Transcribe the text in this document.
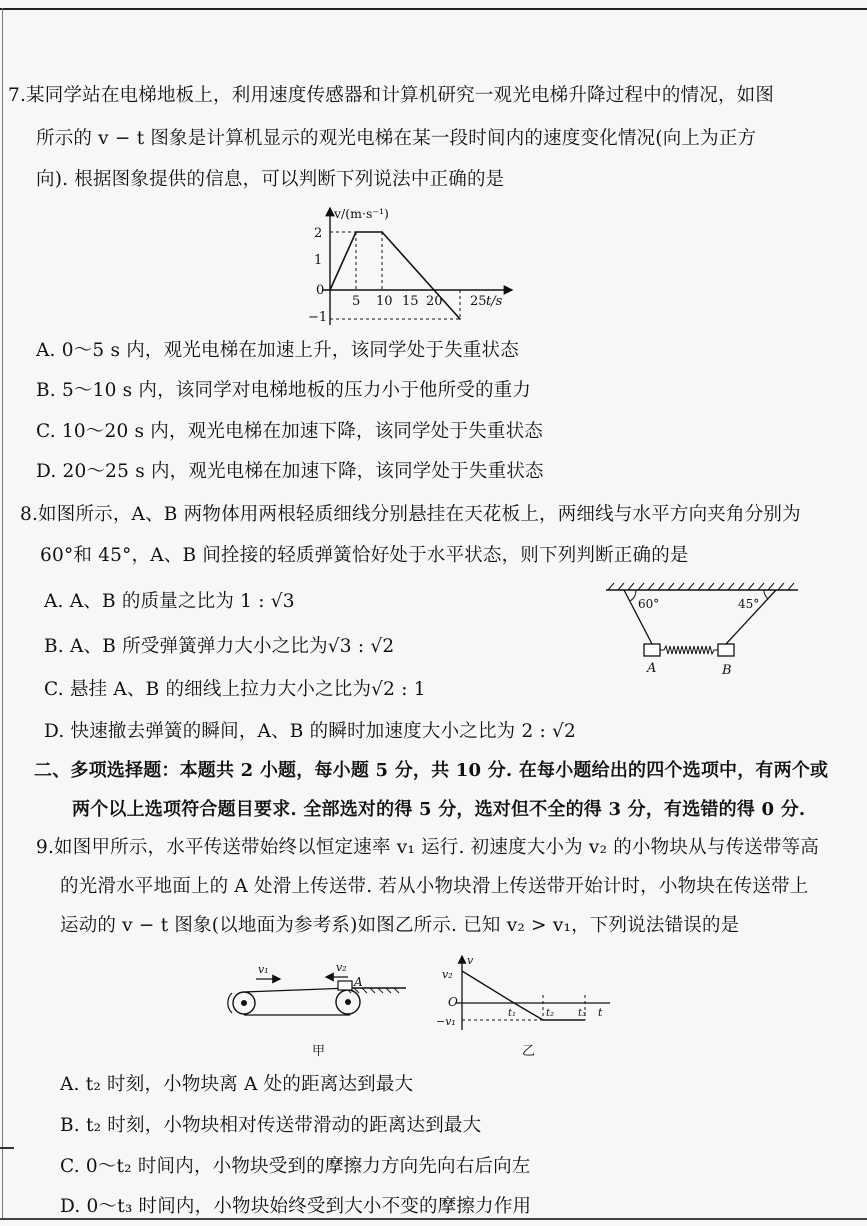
7.某同学站在电梯地板上，利用速度传感器和计算机研究一观光电梯升降过程中的情况，如图
所示的 v − t 图象是计算机显示的观光电梯在某一段时间内的速度变化情况(向上为正方
向). 根据图象提供的信息，可以判断下列说法中正确的是
v/(m·s⁻¹)
t/s
2
1
0
−1
5 10 15 20 25
A. 0～5 s 内，观光电梯在加速上升，该同学处于失重状态
B. 5～10 s 内，该同学对电梯地板的压力小于他所受的重力
C. 10～20 s 内，观光电梯在加速下降，该同学处于失重状态
D. 20～25 s 内，观光电梯在加速下降，该同学处于失重状态
8.如图所示，A、B 两物体用两根轻质细线分别悬挂在天花板上，两细线与水平方向夹角分别为
60°和 45°，A、B 间拴接的轻质弹簧恰好处于水平状态，则下列判断正确的是
A. A、B 的质量之比为 1 : √3
B. A、B 所受弹簧弹力大小之比为√3 : √2
C. 悬挂 A、B 的细线上拉力大小之比为√2 : 1
D. 快速撤去弹簧的瞬间，A、B 的瞬时加速度大小之比为 2 : √2
60°	45°
A	B
二、多项选择题：本题共 2 小题，每小题 5 分，共 10 分. 在每小题给出的四个选项中，有两个或
两个以上选项符合题目要求. 全部选对的得 5 分，选对但不全的得 3 分，有选错的得 0 分.
9.如图甲所示，水平传送带始终以恒定速率 v₁ 运行. 初速度大小为 v₂ 的小物块从与传送带等高
的光滑水平地面上的 A 处滑上传送带. 若从小物块滑上传送带开始计时，小物块在传送带上
运动的 v − t 图象(以地面为参考系)如图乙所示. 已知 v₂ > v₁，下列说法错误的是
A
v₁	v₂
甲
v
v₂
O
−v₁
t₁	t₂ t₃ t
乙
A. t₂ 时刻，小物块离 A 处的距离达到最大
B. t₂ 时刻，小物块相对传送带滑动的距离达到最大
C. 0～t₂ 时间内，小物块受到的摩擦力方向先向右后向左
D. 0～t₃ 时间内，小物块始终受到大小不变的摩擦力作用
